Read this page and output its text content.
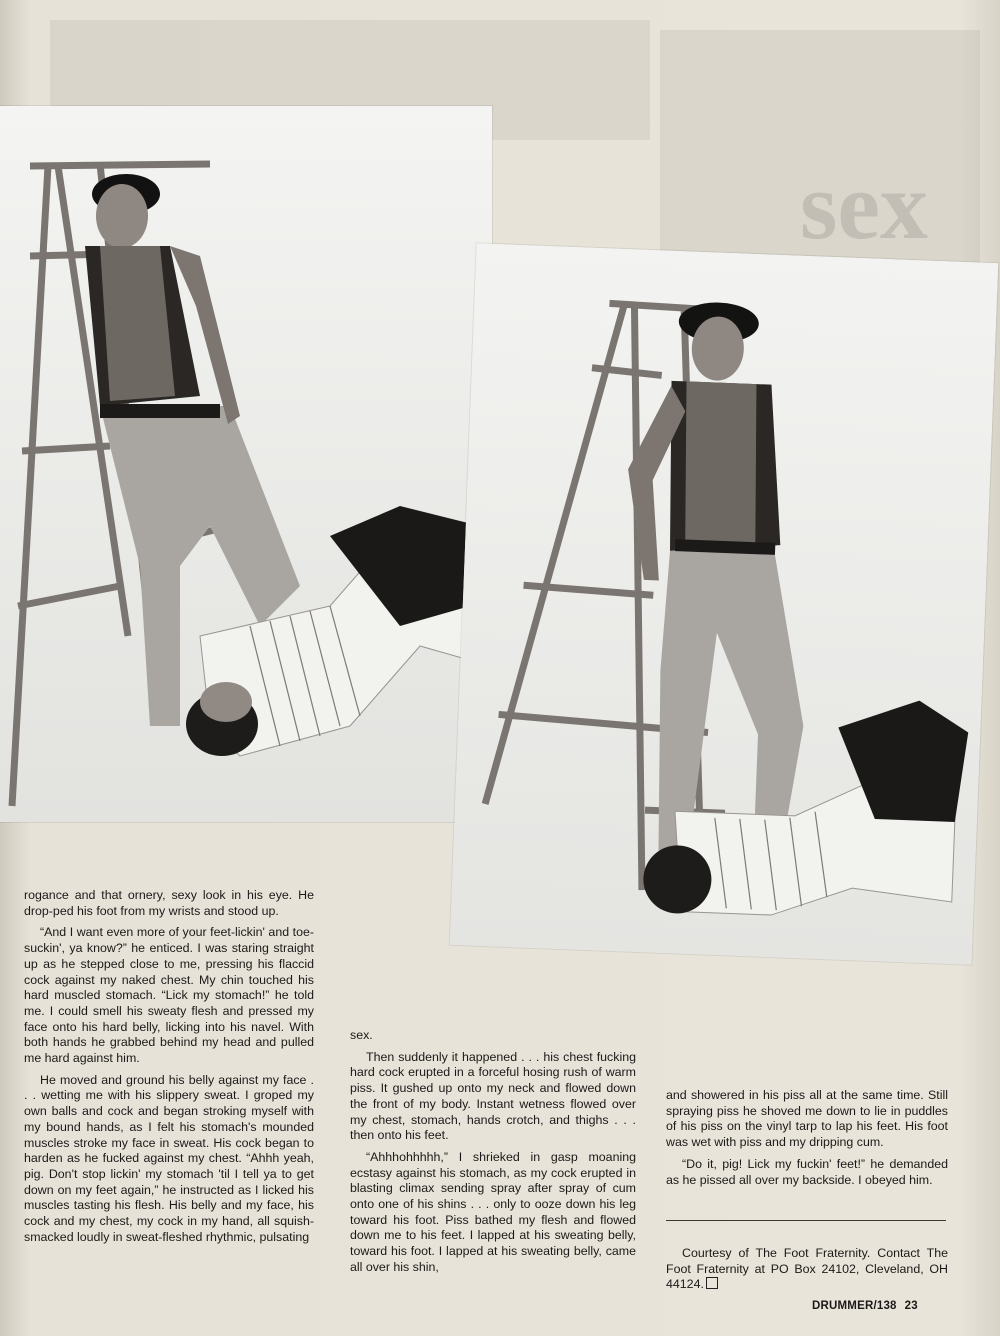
sex

rogance and that ornery, sexy look in his eye. He drop-ped his foot from my wrists and stood up.

“And I want even more of your feet-lickin' and toe-suckin', ya know?” he enticed. I was staring straight up as he stepped close to me, pressing his flaccid cock against my naked chest. My chin touched his hard muscled stomach. “Lick my stomach!” he told me. I could smell his sweaty flesh and pressed my face onto his hard belly, licking into his navel. With both hands he grabbed behind my head and pulled me hard against him.

He moved and ground his belly against my face . . . wetting me with his slippery sweat. I groped my own balls and cock and began stroking myself with my bound hands, as I felt his stomach's mounded muscles stroke my face in sweat. His cock began to harden as he fucked against my chest. “Ahhh yeah, pig. Don't stop lickin' my stomach 'til I tell ya to get down on my feet again,” he instructed as I licked his muscles tasting his flesh. His belly and my face, his cock and my chest, my cock in my hand, all squish-smacked loudly in sweat-fleshed rhythmic, pulsating

sex.

Then suddenly it happened . . . his chest fucking hard cock erupted in a forceful hosing rush of warm piss. It gushed up onto my neck and flowed down the front of my body. Instant wetness flowed over my chest, stomach, hands crotch, and thighs . . . then onto his feet.

“Ahhhohhhhh,” I shrieked in gasp moaning ecstasy against his stomach, as my cock erupted in blasting climax sending spray after spray of cum onto one of his shins . . . only to ooze down his leg toward his foot. Piss bathed my flesh and flowed down me to his feet. I lapped at his sweating belly, toward his foot. I lapped at his sweating belly, came all over his shin,

and showered in his piss all at the same time. Still spraying piss he shoved me down to lie in puddles of his piss on the vinyl tarp to lap his feet. His foot was wet with piss and my dripping cum.

“Do it, pig! Lick my fuckin' feet!” he demanded as he pissed all over my backside. I obeyed him.

Courtesy of The Foot Fraternity. Contact The Foot Fraternity at PO Box 24102, Cleveland, OH 44124.

DRUMMER/138 23
